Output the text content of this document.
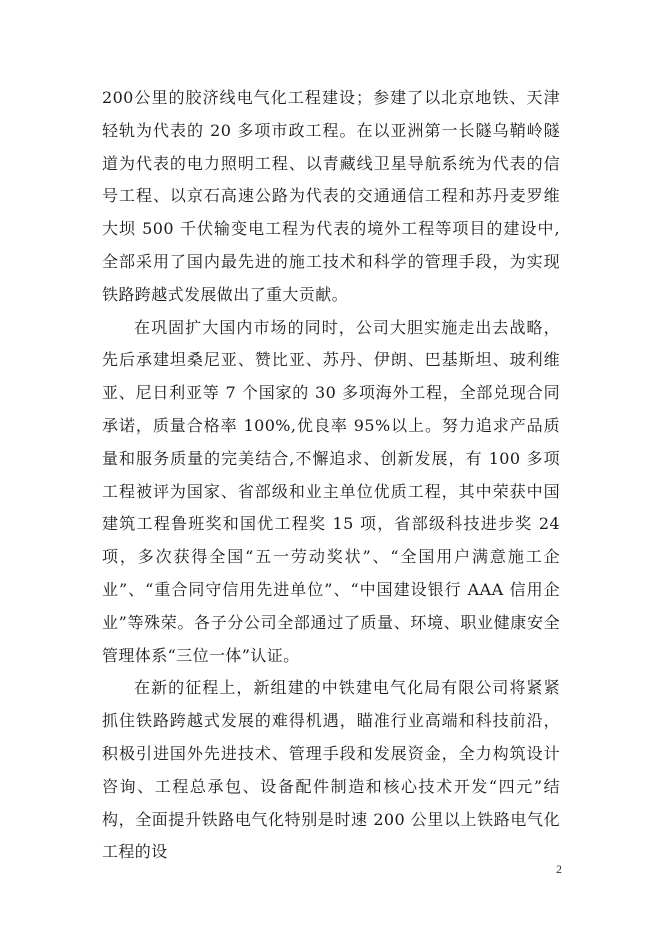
200公里的胶济线电气化工程建设；参建了以北京地铁、天津轻轨为代表的 20 多项市政工程。在以亚洲第一长隧乌鞘岭隧道为代表的电力照明工程、以青藏线卫星导航系统为代表的信号工程、以京石高速公路为代表的交通通信工程和苏丹麦罗维大坝 500 千伏输变电工程为代表的境外工程等项目的建设中,全部采用了国内最先进的施工技术和科学的管理手段，为实现铁路跨越式发展做出了重大贡献。

在巩固扩大国内市场的同时，公司大胆实施走出去战略，先后承建坦桑尼亚、赞比亚、苏丹、伊朗、巴基斯坦、玻利维亚、尼日利亚等 7 个国家的 30 多项海外工程，全部兑现合同承诺，质量合格率 100%,优良率 95%以上。努力追求产品质量和服务质量的完美结合,不懈追求、创新发展，有 100 多项工程被评为国家、省部级和业主单位优质工程，其中荣获中国建筑工程鲁班奖和国优工程奖 15 项，省部级科技进步奖 24 项，多次获得全国“五一劳动奖状”、“全国用户满意施工企业”、“重合同守信用先进单位”、“中国建设银行 AAA 信用企业”等殊荣。各子分公司全部通过了质量、环境、职业健康安全管理体系“三位一体”认证。

在新的征程上，新组建的中铁建电气化局有限公司将紧紧抓住铁路跨越式发展的难得机遇，瞄准行业高端和科技前沿，积极引进国外先进技术、管理手段和发展资金，全力构筑设计咨询、工程总承包、设备配件制造和核心技术开发“四元”结构，全面提升铁路电气化特别是时速 200 公里以上铁路电气化工程的设

2
